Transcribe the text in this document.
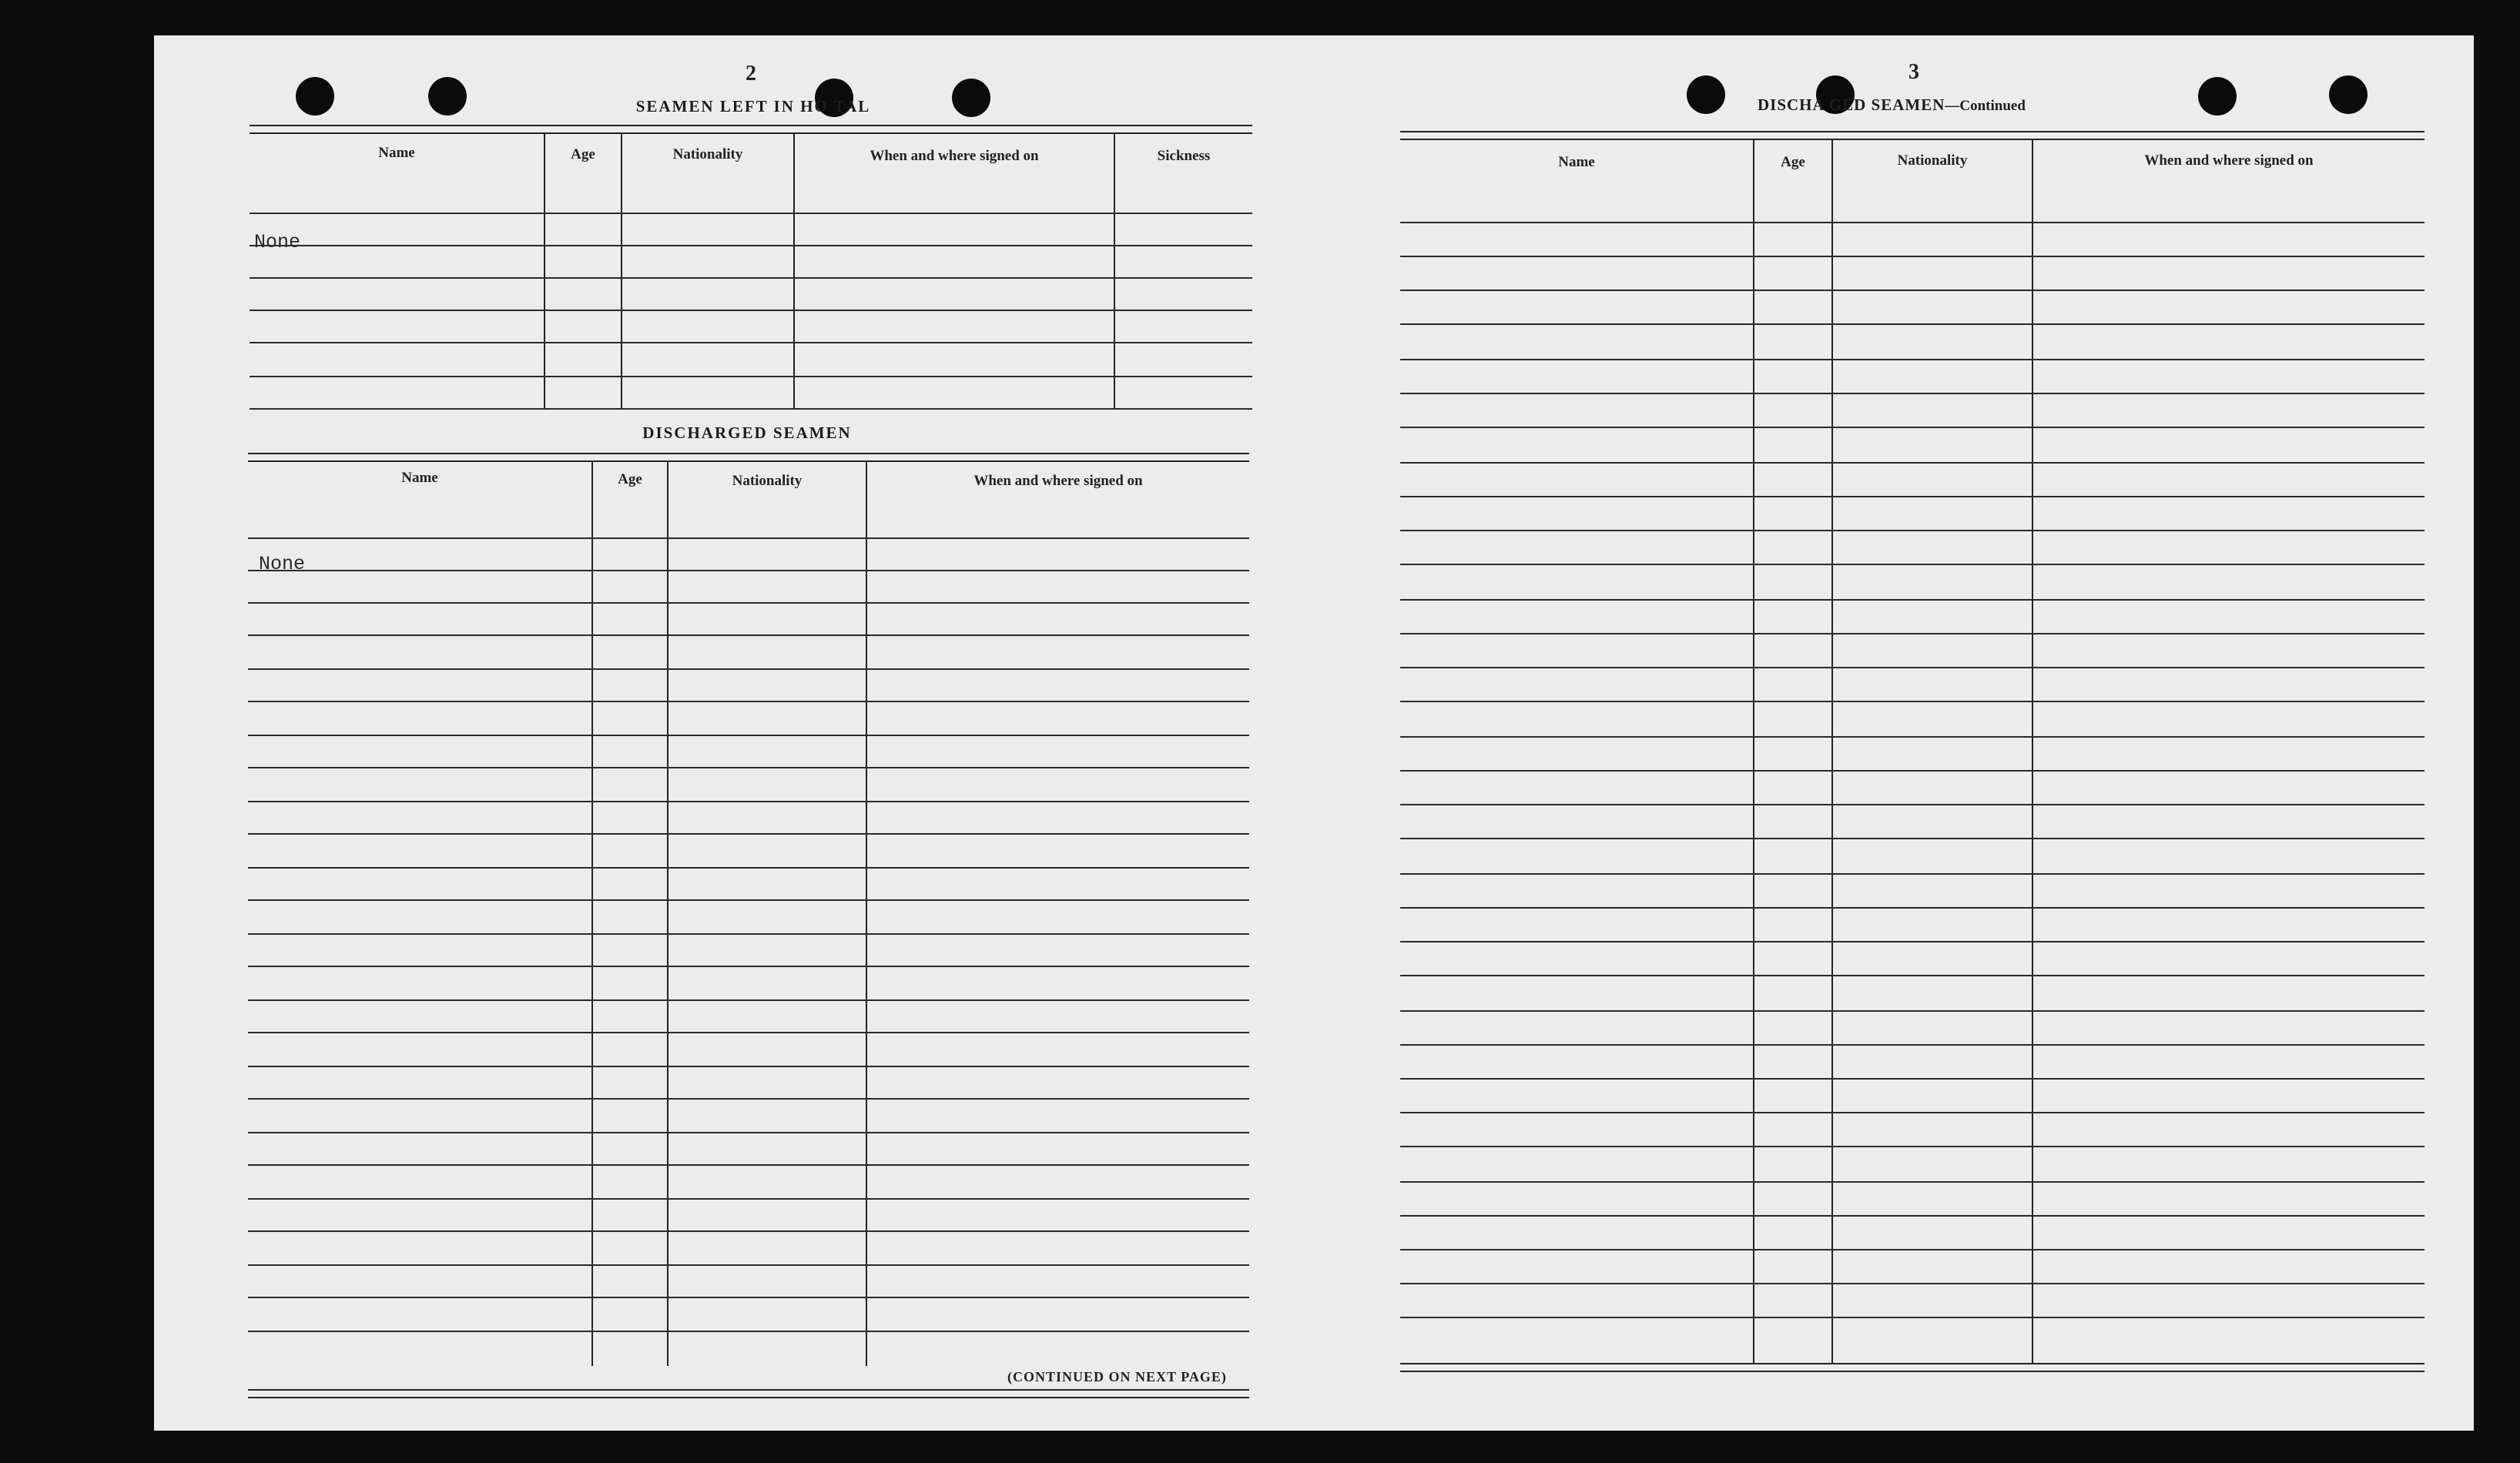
2
SEAMEN LEFT IN HO TAL
Name	Age	Nationality	When and where signed on	Sickness
None
DISCHARGED SEAMEN
Name	Age	Nationality	When and where signed on
None
(CONTINUED ON NEXT PAGE)
3
DISCHA GED SEAMEN—Continued
Name	Age	Nationality	When and where signed on
